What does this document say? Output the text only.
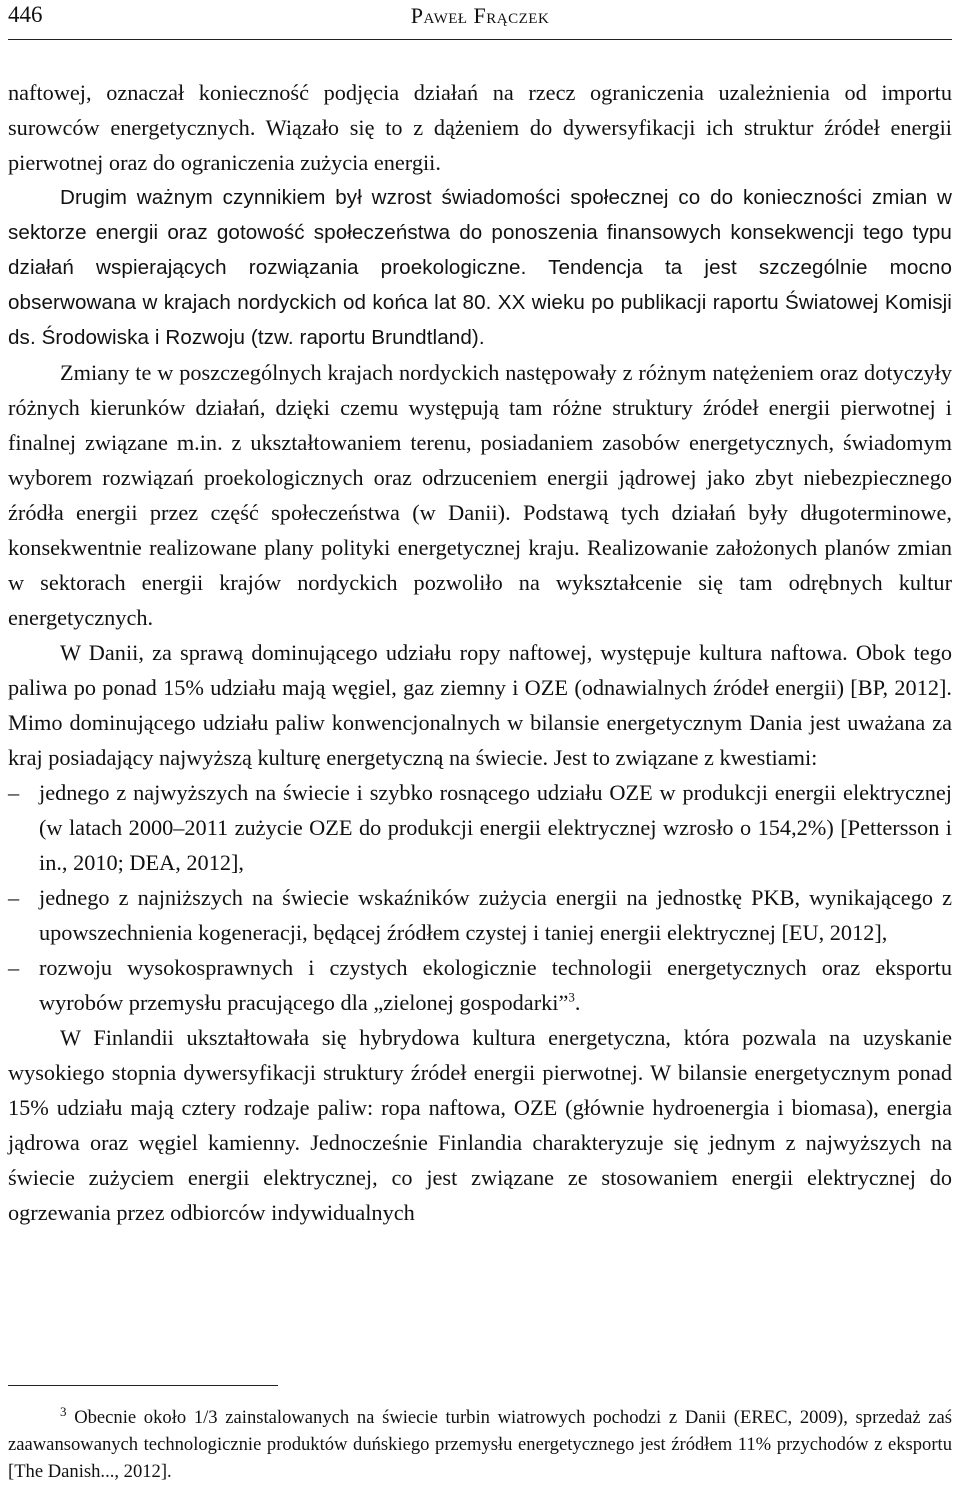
446	Paweł Frączek

naftowej, oznaczał konieczność podjęcia działań na rzecz ograniczenia uzależnienia od importu surowców energetycznych. Wiązało się to z dążeniem do dywersyfikacji ich struktur źródeł energii pierwotnej oraz do ograniczenia zużycia energii.

Drugim ważnym czynnikiem był wzrost świadomości społecznej co do konieczności zmian w sektorze energii oraz gotowość społeczeństwa do ponoszenia finansowych konsekwencji tego typu działań wspierających rozwiązania proekologiczne. Tendencja ta jest szczególnie mocno obserwowana w krajach nordyckich od końca lat 80. XX wieku po publikacji raportu Światowej Komisji ds. Środowiska i Rozwoju (tzw. raportu Brundtland).

Zmiany te w poszczególnych krajach nordyckich następowały z różnym natężeniem oraz dotyczyły różnych kierunków działań, dzięki czemu występują tam różne struktury źródeł energii pierwotnej i finalnej związane m.in. z ukształtowaniem terenu, posiadaniem zasobów energetycznych, świadomym wyborem rozwiązań proekologicznych oraz odrzuceniem energii jądrowej jako zbyt niebezpiecznego źródła energii przez część społeczeństwa (w Danii). Podstawą tych działań były długoterminowe, konsekwentnie realizowane plany polityki energetycznej kraju. Realizowanie założonych planów zmian w sektorach energii krajów nordyckich pozwoliło na wykształcenie się tam odrębnych kultur energetycznych.

W Danii, za sprawą dominującego udziału ropy naftowej, występuje kultura naftowa. Obok tego paliwa po ponad 15% udziału mają węgiel, gaz ziemny i OZE (odnawialnych źródeł energii) [BP, 2012]. Mimo dominującego udziału paliw konwencjonalnych w bilansie energetycznym Dania jest uważana za kraj posiadający najwyższą kulturę energetyczną na świecie. Jest to związane z kwestiami:

– jednego z najwyższych na świecie i szybko rosnącego udziału OZE w produkcji energii elektrycznej (w latach 2000–2011 zużycie OZE do produkcji energii elektrycznej wzrosło o 154,2%) [Pettersson i in., 2010; DEA, 2012],
– jednego z najniższych na świecie wskaźników zużycia energii na jednostkę PKB, wynikającego z upowszechnienia kogeneracji, będącej źródłem czystej i taniej energii elektrycznej [EU, 2012],
– rozwoju wysokosprawnych i czystych ekologicznie technologii energetycznych oraz eksportu wyrobów przemysłu pracującego dla „zielonej gospodarki”$^3$.

W Finlandii ukształtowała się hybrydowa kultura energetyczna, która pozwala na uzyskanie wysokiego stopnia dywersyfikacji struktury źródeł energii pierwotnej. W bilansie energetycznym ponad 15% udziału mają cztery rodzaje paliw: ropa naftowa, OZE (głównie hydroenergia i biomasa), energia jądrowa oraz węgiel kamienny. Jednocześnie Finlandia charakteryzuje się jednym z najwyższych na świecie zużyciem energii elektrycznej, co jest związane ze stosowaniem energii elektrycznej do ogrzewania przez odbiorców indywidualnych

$^3$ Obecnie około 1/3 zainstalowanych na świecie turbin wiatrowych pochodzi z Danii (EREC, 2009), sprzedaż zaś zaawansowanych technologicznie produktów duńskiego przemysłu energetycznego jest źródłem 11% przychodów z eksportu [The Danish..., 2012].
